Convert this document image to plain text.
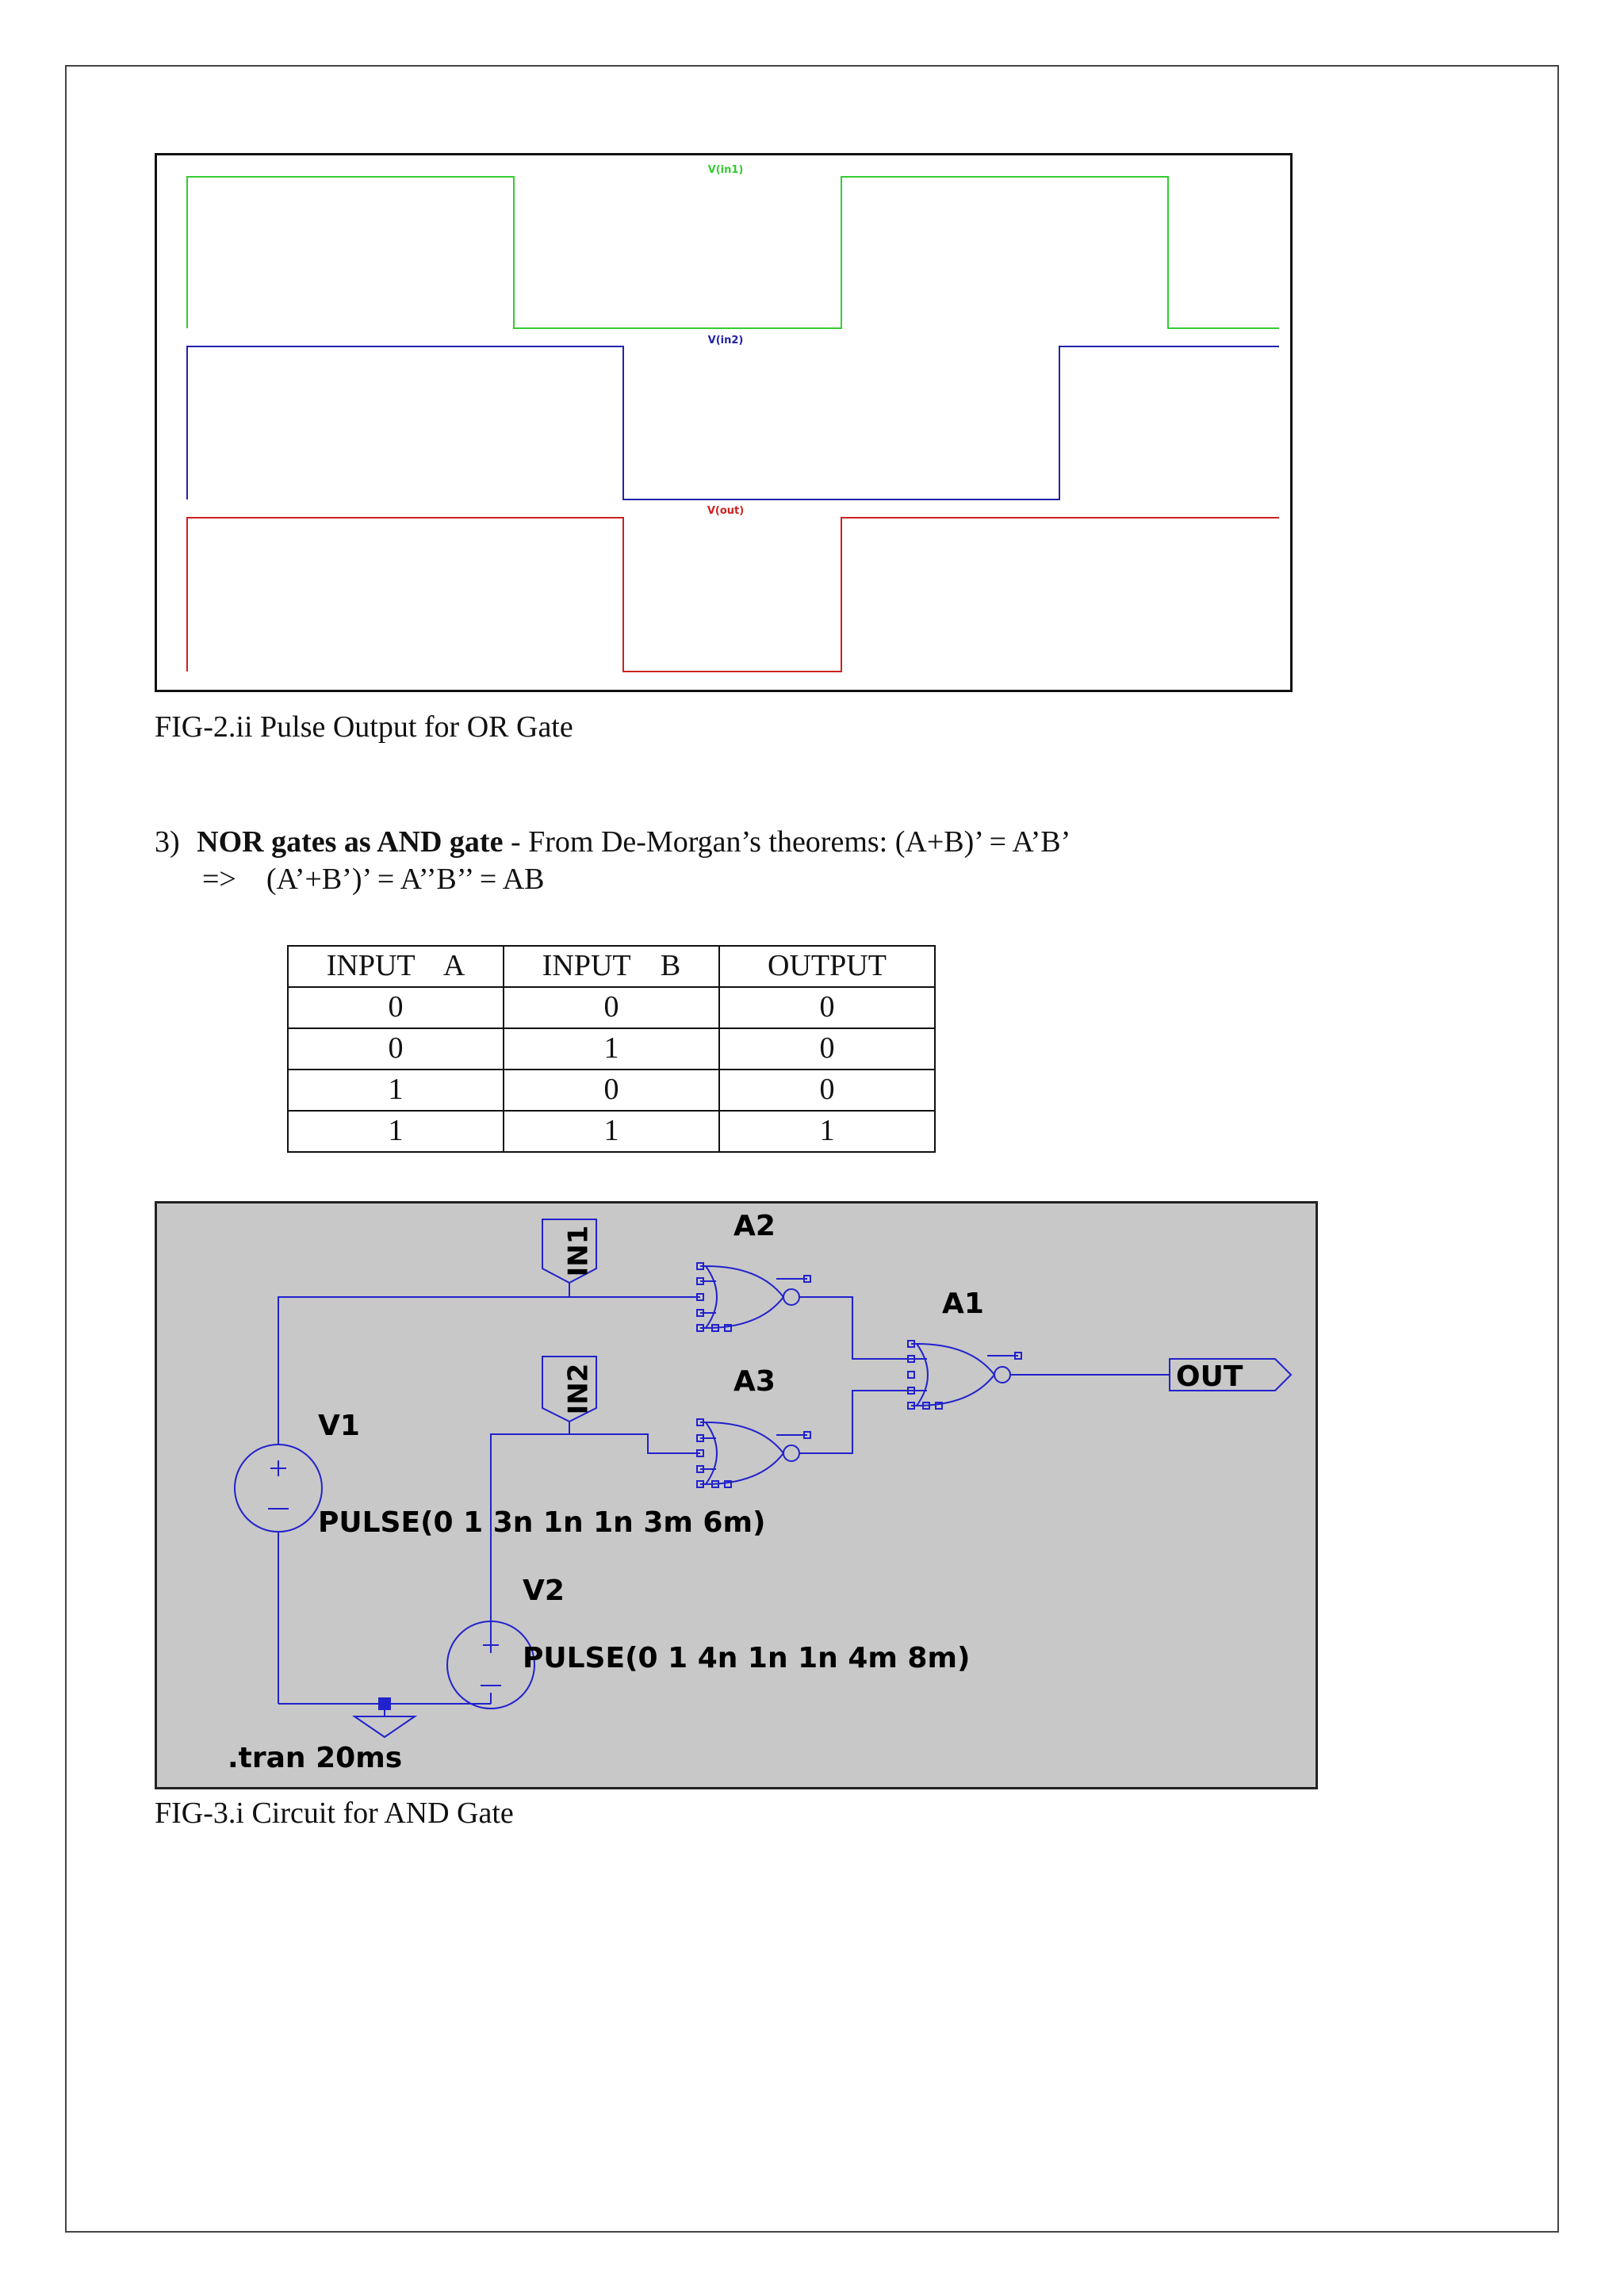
V(in1)
V(in2)
V(out)
FIG-2.ii Pulse Output for OR Gate
3) NOR gates as AND gate - From De-Morgan’s theorems: (A+B)’ = A’B’
=>    (A’+B’)’ = A’’B’’ = AB
INPUT    A	INPUT    B	OUTPUT
0	0	0
0	1	0
1	0	0
1	1	1
IN1
IN2
A2
A3
A1
OUT
V1
V2
PULSE(0 1 3n 1n 1n 3m 6m)
PULSE(0 1 4n 1n 1n 4m 8m)
.tran 20ms
FIG-3.i Circuit for AND Gate
